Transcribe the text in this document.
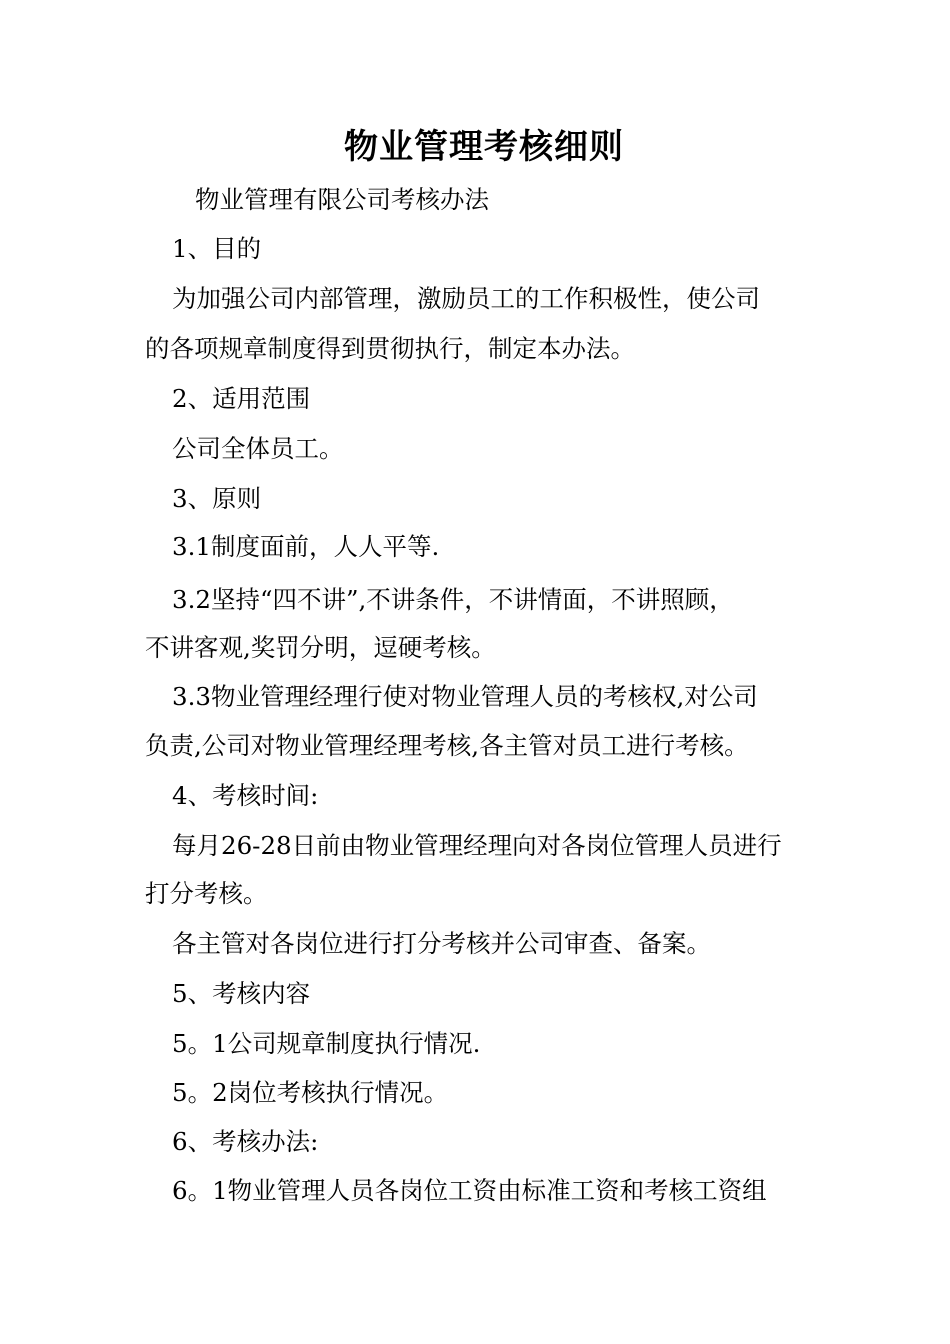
物业管理考核细则
物业管理有限公司考核办法
1、目的
为加强公司内部管理，激励员工的工作积极性，使公司
的各项规章制度得到贯彻执行，制定本办法。
2、适用范围
公司全体员工。
3、原则
3.1制度面前，人人平等.
3.2坚持“四不讲”,不讲条件，不讲情面，不讲照顾，
不讲客观,奖罚分明，逗硬考核。
3.3物业管理经理行使对物业管理人员的考核权,对公司
负责,公司对物业管理经理考核,各主管对员工进行考核。
4、考核时间:
每月26-28日前由物业管理经理向对各岗位管理人员进行
打分考核。
各主管对各岗位进行打分考核并公司审查、备案。
5、考核内容
5。1公司规章制度执行情况.
5。2岗位考核执行情况。
6、考核办法:
6。1物业管理人员各岗位工资由标准工资和考核工资组
